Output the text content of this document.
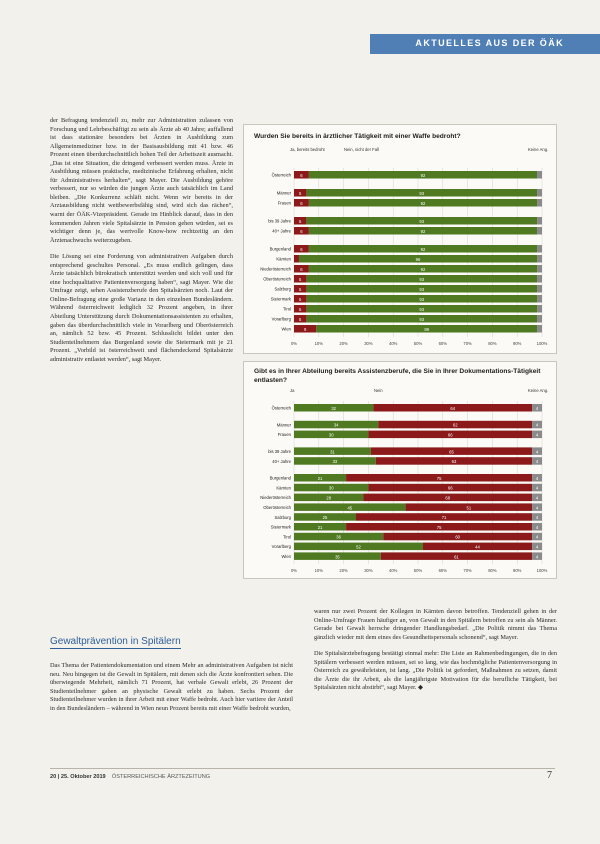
AKTUELLES AUS DER ÖÄK

der Befragung tendenziell zu, mehr zur Administration zulassen von Forschung und Lehrbeschäftigt zu sein als Ärzte ab 40 Jahre; auffallend ist dass stationäre besonders bei Ärzten in Ausbildung zum Allgemeinmediziner bzw. in der Basisausbildung mit 41 bzw. 46 Prozent einen überdurchschnittlich hohen Teil der Arbeitszeit ausmacht. „Das ist eine Situation, die dringend verbessert werden muss. Ärzte in Ausbildung müssen praktische, medizinische Erfahrung erhalten, nicht für Administratives herhalten“, sagt Mayer. Die Ausbildung gehöre verbessert, nur so würden die jungen Ärzte auch tatsächlich im Land bleiben. „Die Konkurrenz schläft nicht. Wenn wir bereits in der Arztausbildung nicht wettbewerbsfähig sind, wird sich das rächen“, warnt der ÖÄK-Vizepräsident. Gerade im Hinblick darauf, dass in den kommenden Jahren viele Spitalsärzte in Pension gehen würden, sei es wichtiger denn je, das wertvolle Know-how rechtzeitig an den Ärztenachwuchs weiterzugeben.

Die Lösung sei eine Forderung von administrativen Aufgaben durch entsprechend geschultes Personal. „Es muss endlich gelingen, dass Ärzte tatsächlich bürokratisch unterstützt werden und sich voll und für eine hochqualitative Patientenversorgung haben“, sagt Mayer. Wie die Umfrage zeigt, sehen Assistenzberufe den Spitalsärzten noch. Laut der Online-Befragung eine große Varianz in den einzelnen Bundesländern. Während österreichweit lediglich 32 Prozent angeben, in ihrer Abteilung Unterstützung durch Dokumentationsassistenten zu erhalten, gaben das überdurchschnittlich viele in Vorarlberg und Oberösterreich an, nämlich 52 bzw. 45 Prozent. Schlusslicht bildet unter den Studienteilnehmern das Burgenland sowie die Steiermark mit je 21 Prozent. „Vorbild ist österreichweit und flächendeckend Spitalsärzte administrativ entlastet werden“, sagt Mayer.

Wurden Sie bereits in ärztlicher Tätigkeit mit einer Waffe bedroht?
Ja, bereits bedroht	Nein, nicht der Fall	Keine Ang.
0%	10%	20%	30%	40%	50%	60%	70%	80%	90%	100%
Österreich 6	92
Männer 5	93
Frauen 6	92
bis 39 Jahre 5	93
40+ Jahre 6	92
Burgenland 6	92
Kärnten	96
Niederösterreich 6	92
Oberösterreich 5	93
Salzburg 5	93
Steiermark 5	93
Tirol 5	93
Vorarlberg 5	93
Wien	9	89
Gibt es in Ihrer Abteilung bereits Assistenzberufe, die Sie in Ihrer Dokumentations-Tätigkeit entlasten?
Ja	Nein	Keine Ang.
0%	10%	20%	30%	40%	50%	60%	70%	80%	90%	100%
Österreich	32	64	4
Männer	34	62	4
Frauen	30	66	4
bis 39 Jahre	31	65	4
40+ Jahre	33	63	4
Burgenland	21	75	4
Kärnten	30	66	4
Niederösterreich	28	68	4
Oberösterreich	45	51	4
Salzburg	25	71	4
Steiermark	21	75	4
Tirol	36	60	4
Vorarlberg	52	44	4
Wien	35	61	4
Gewaltprävention in Spitälern
Das Thema der Patientendokumentation und einem Mehr an administrativen Aufgaben ist nicht neu. Neu hingegen ist die Gewalt in Spitälern, mit denen sich die Ärzte konfrontiert sehen. Die überwiegende Mehrheit, nämlich 71 Prozent, hat verbale Gewalt erlebt, 26 Prozent der Studienteilnehmer gaben an physische Gewalt erlebt zu haben. Sechs Prozent der Studienteilnehmer wurden in ihrer Arbeit mit einer Waffe bedroht. Auch hier variiere der Anteil in den Bundesländern – während in Wien neun Prozent bereits mit einer Waffe bedroht wurden,

waren nur zwei Prozent der Kollegen in Kärnten davon betroffen. Tendenziell gehen in der Online-Umfrage Frauen häufiger an, von Gewalt in den Spitälern betroffen zu sein als Männer. Gerade bei Gewalt herrsche dringender Handlungsbedarf. „Die Politik nimmt das Thema gänzlich wieder mit dem eines des Gesundheitspersonals schonend“, sagt Mayer.

Die Spitalsärztebefragung bestätigt einmal mehr: Die Liste an Rahmenbedingungen, die in den Spitälern verbessert werden müssen, sei so lang, wie das hochmögliche Patientenversorgung in Österreich zu gewährleisten, ist lang. „Die Politik ist gefordert, Maßnahmen zu setzen, damit die Ärzte die ihr Arbeit, als die langjährigste Motivation für die berufliche Tätigkeit, bei Spitalsärzten nicht abstirbt“, sagt Mayer. ◆

20 | 25. Oktober 2019 ÖSTERREICHISCHE ÄRZTEZEITUNG	7
